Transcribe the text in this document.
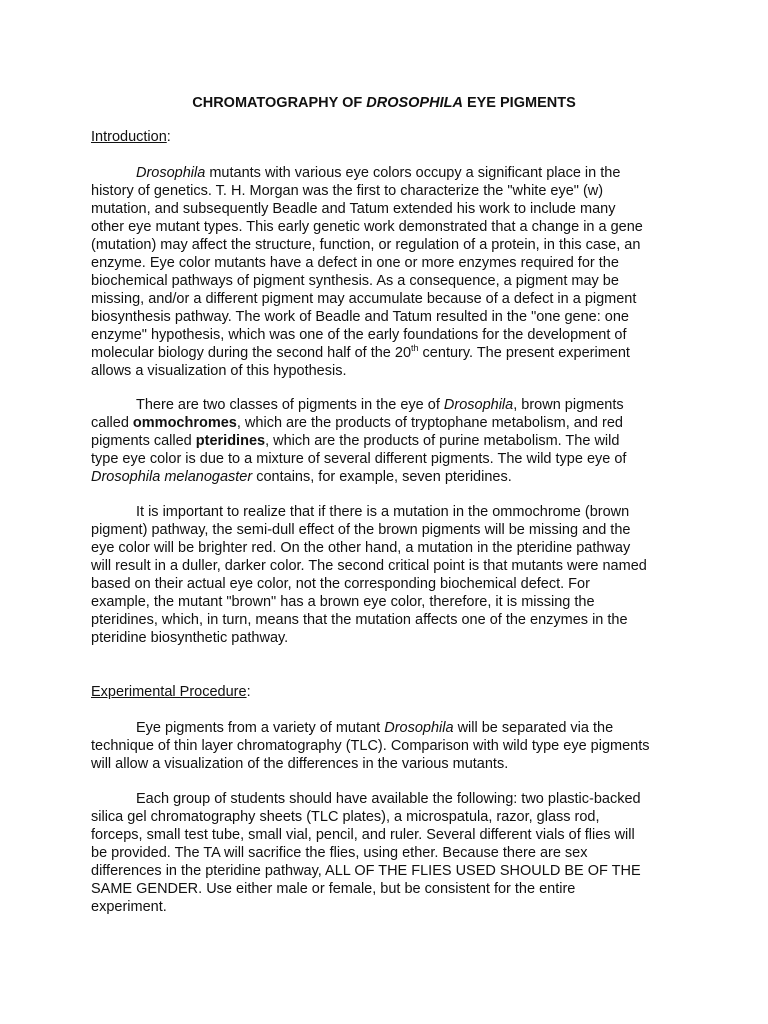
CHROMATOGRAPHY OF DROSOPHILA EYE PIGMENTS
Introduction:
Drosophila mutants with various eye colors occupy a significant place in the
history of genetics. T. H. Morgan was the first to characterize the "white eye" (w)
mutation, and subsequently Beadle and Tatum extended his work to include many
other eye mutant types. This early genetic work demonstrated that a change in a gene
(mutation) may affect the structure, function, or regulation of a protein, in this case, an
enzyme. Eye color mutants have a defect in one or more enzymes required for the
biochemical pathways of pigment synthesis. As a consequence, a pigment may be
missing, and/or a different pigment may accumulate because of a defect in a pigment
biosynthesis pathway. The work of Beadle and Tatum resulted in the "one gene: one
enzyme" hypothesis, which was one of the early foundations for the development of
molecular biology during the second half of the 20th century. The present experiment
allows a visualization of this hypothesis.
There are two classes of pigments in the eye of Drosophila, brown pigments
called ommochromes, which are the products of tryptophane metabolism, and red
pigments called pteridines, which are the products of purine metabolism. The wild
type eye color is due to a mixture of several different pigments. The wild type eye of
Drosophila melanogaster contains, for example, seven pteridines.
It is important to realize that if there is a mutation in the ommochrome (brown
pigment) pathway, the semi-dull effect of the brown pigments will be missing and the
eye color will be brighter red. On the other hand, a mutation in the pteridine pathway
will result in a duller, darker color. The second critical point is that mutants were named
based on their actual eye color, not the corresponding biochemical defect. For
example, the mutant "brown" has a brown eye color, therefore, it is missing the
pteridines, which, in turn, means that the mutation affects one of the enzymes in the
pteridine biosynthetic pathway.
Experimental Procedure:
Eye pigments from a variety of mutant Drosophila will be separated via the
technique of thin layer chromatography (TLC). Comparison with wild type eye pigments
will allow a visualization of the differences in the various mutants.
Each group of students should have available the following: two plastic-backed
silica gel chromatography sheets (TLC plates), a microspatula, razor, glass rod,
forceps, small test tube, small vial, pencil, and ruler. Several different vials of flies will
be provided. The TA will sacrifice the flies, using ether. Because there are sex
differences in the pteridine pathway, ALL OF THE FLIES USED SHOULD BE OF THE
SAME GENDER. Use either male or female, but be consistent for the entire
experiment.
